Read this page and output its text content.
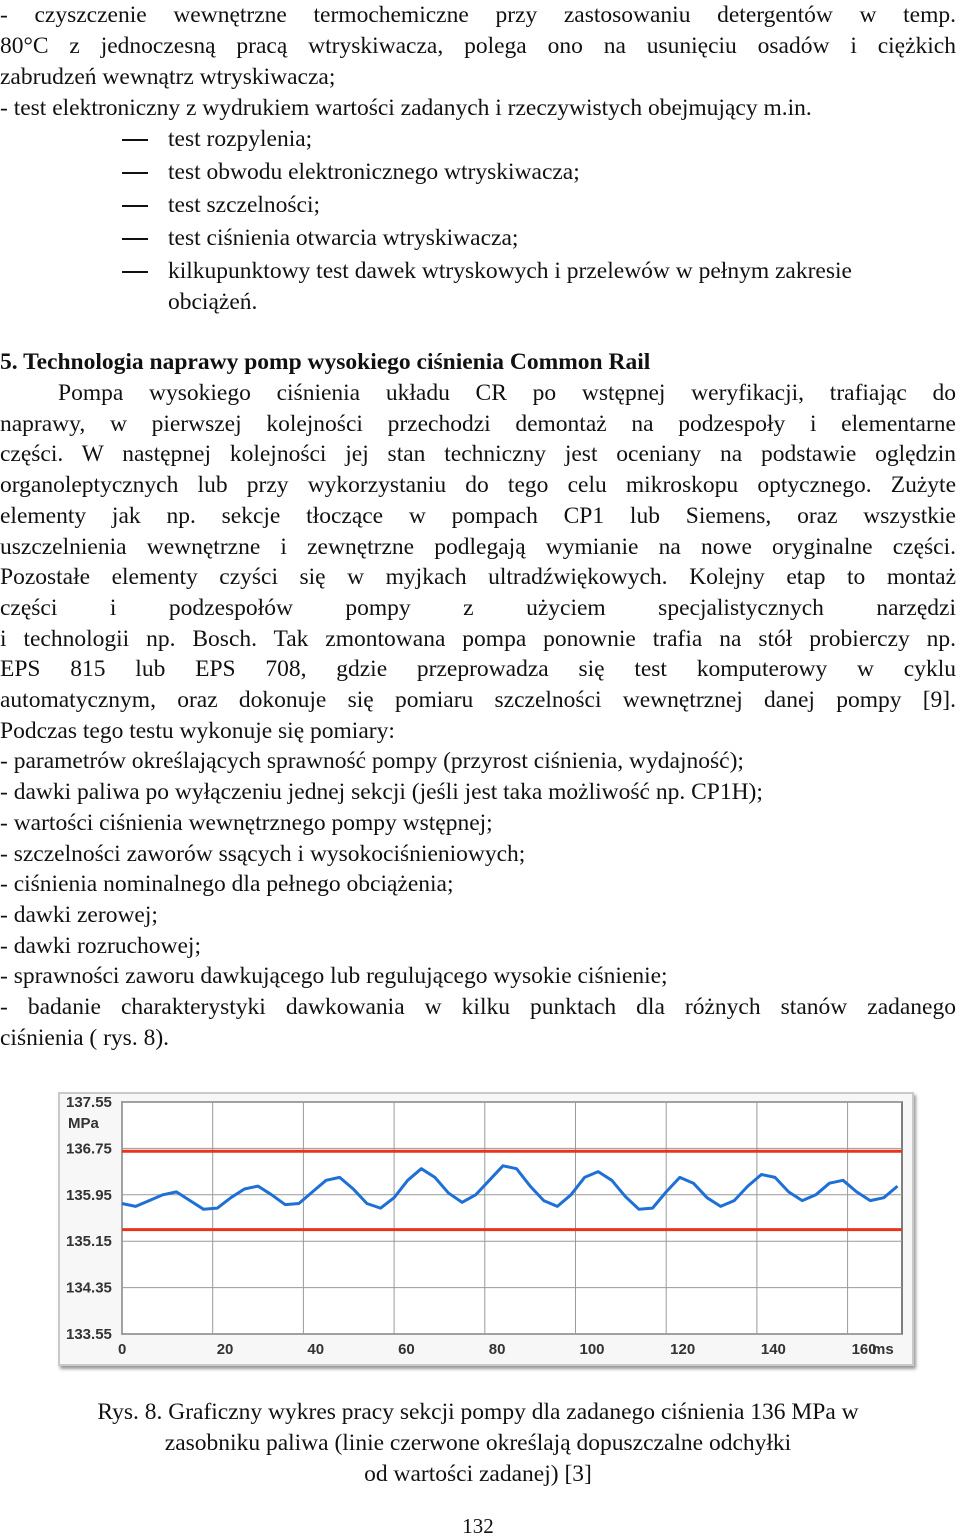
- czyszczenie wewnętrzne termochemiczne przy zastosowaniu detergentów w temp.
80°C z jednoczesną pracą wtryskiwacza, polega ono na usunięciu osadów i ciężkich
zabrudzeń wewnątrz wtryskiwacza;
- test elektroniczny z wydrukiem wartości zadanych i rzeczywistych obejmujący m.in.
test rozpylenia;
test obwodu elektronicznego wtryskiwacza;
test szczelności;
test ciśnienia otwarcia wtryskiwacza;
kilkupunktowy test dawek wtryskowych i przelewów w pełnym zakresie
obciążeń.
5. Technologia naprawy pomp wysokiego ciśnienia Common Rail
Pompa wysokiego ciśnienia układu CR po wstępnej weryfikacji, trafiając do
naprawy, w pierwszej kolejności przechodzi demontaż na podzespoły i elementarne
części. W następnej kolejności jej stan techniczny jest oceniany na podstawie oględzin
organoleptycznych lub przy wykorzystaniu do tego celu mikroskopu optycznego. Zużyte
elementy jak np. sekcje tłoczące w pompach CP1 lub Siemens, oraz wszystkie
uszczelnienia wewnętrzne i zewnętrzne podlegają wymianie na nowe oryginalne części.
Pozostałe elementy czyści się w myjkach ultradźwiękowych. Kolejny etap to montaż
części i podzespołów pompy z użyciem specjalistycznych narzędzi
i technologii np. Bosch. Tak zmontowana pompa ponownie trafia na stół probierczy np.
EPS 815 lub EPS 708, gdzie przeprowadza się test komputerowy w cyklu
automatycznym, oraz dokonuje się pomiaru szczelności wewnętrznej danej pompy [9].
Podczas tego testu wykonuje się pomiary:
- parametrów określających sprawność pompy (przyrost ciśnienia, wydajność);
- dawki paliwa po wyłączeniu jednej sekcji (jeśli jest taka możliwość np. CP1H);
- wartości ciśnienia wewnętrznego pompy wstępnej;
- szczelności zaworów ssących i wysokociśnieniowych;
- ciśnienia nominalnego dla pełnego obciążenia;
- dawki zerowej;
- dawki rozruchowej;
- sprawności zaworu dawkującego lub regulującego wysokie ciśnienie;
- badanie charakterystyki dawkowania w kilku punktach dla różnych stanów zadanego
ciśnienia ( rys. 8).
137.55
136.75
135.95
135.15
134.35
133.55
MPa
0	20	40	60	80	100	120	140	160
ms
Rys. 8. Graficzny wykres pracy sekcji pompy dla zadanego ciśnienia 136 MPa w
zasobniku paliwa (linie czerwone określają dopuszczalne odchyłki
od wartości zadanej) [3]
132
